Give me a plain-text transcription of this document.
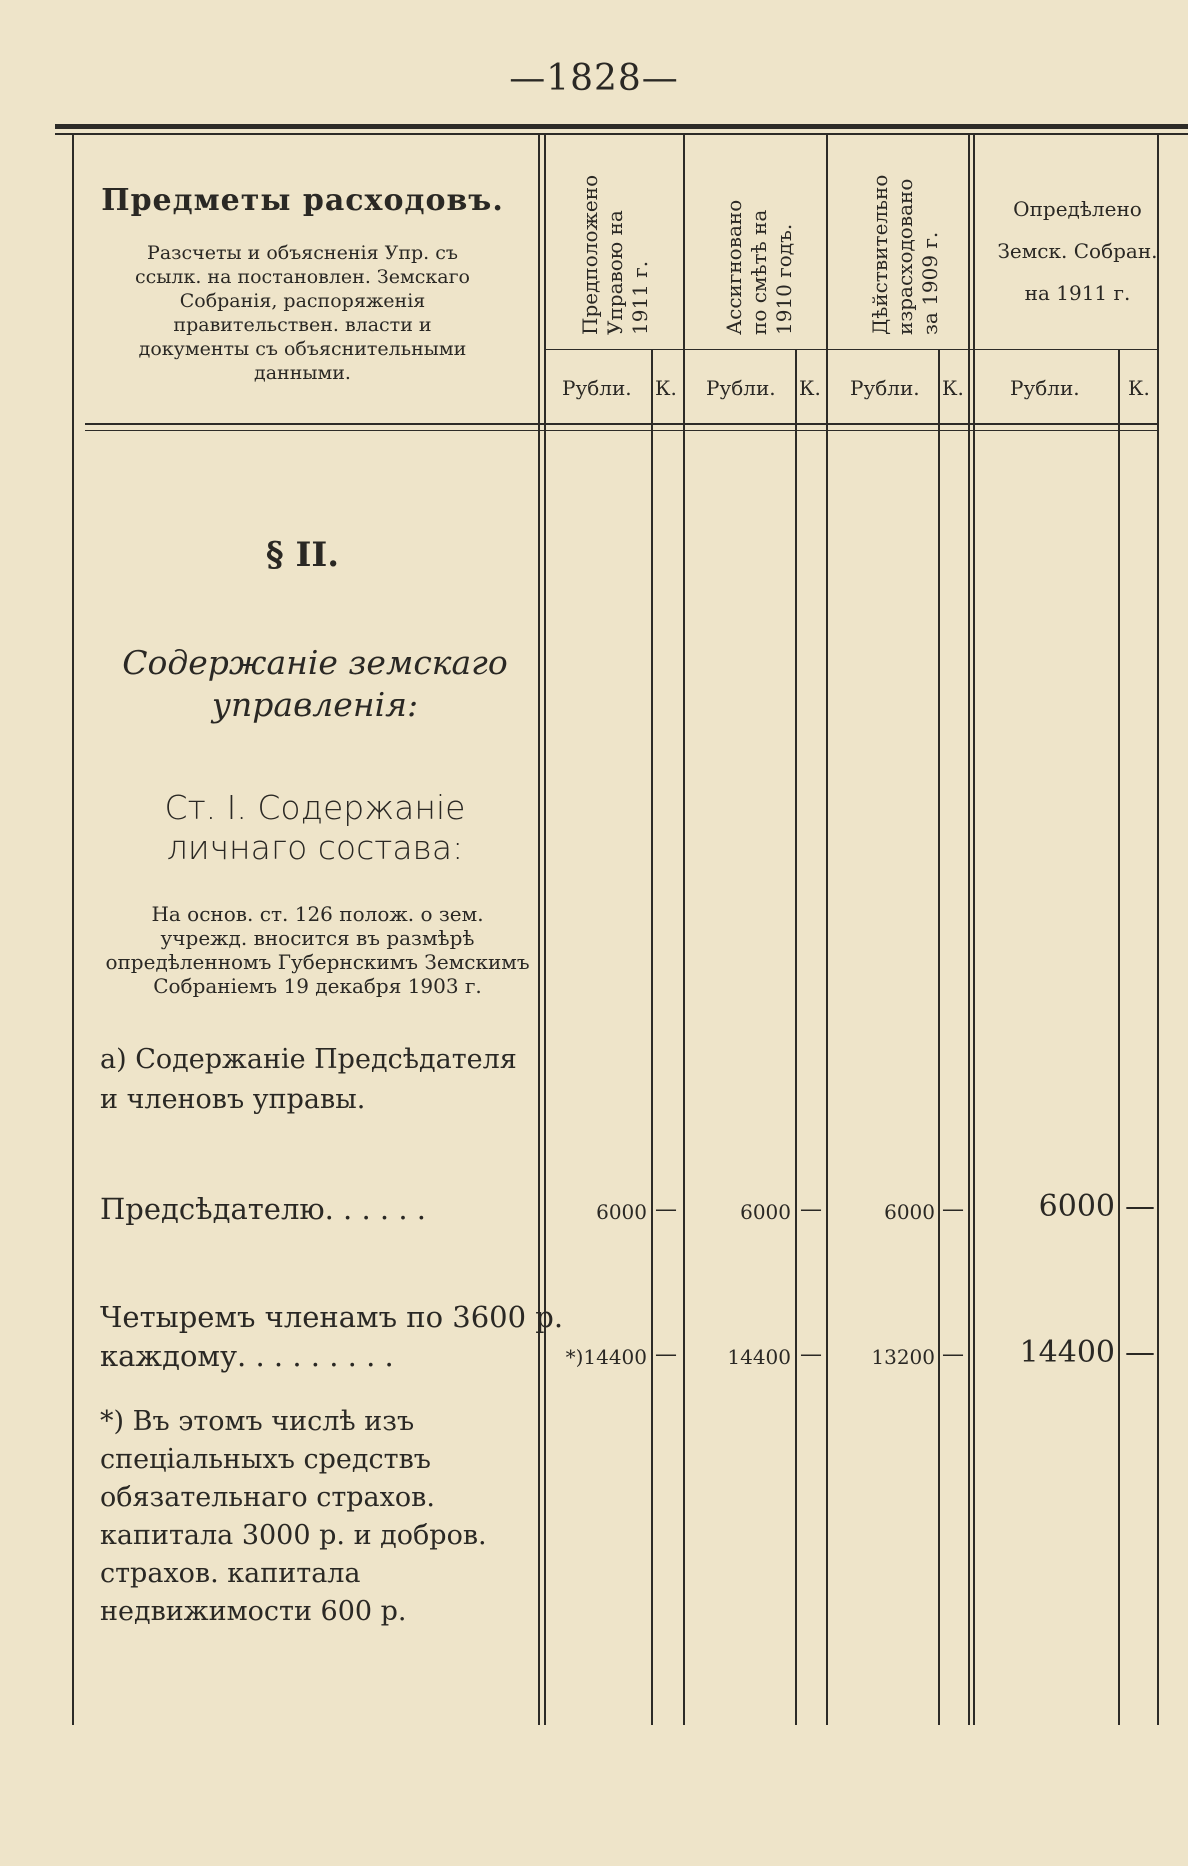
—1828—
Предметы расходовъ.
Разсчеты и объясненія Упр. съ ссылк. на постановлен. Земскаго Собранія, распоряженія правительствен. власти и документы съ объяснительными данными.
Предположено Управою на 1911 г.	Ассигновано по смѣтѣ на 1910 годъ.	Дѣйствительно израсходовано за 1909 г.
Опредѣлено
Земск. Собран.
на 1911 г.
Рубли. К. Рубли. К. Рубли. К. Рубли. К.
§ II.
Содержаніе земскаго управленія:
Ст. I. Содержаніе личнаго состава:
На основ. ст. 126 полож. о зем. учрежд. вносится въ размѣрѣ опредѣленномъ Губернскимъ Земскимъ Собраніемъ 19 декабря 1903 г.
а) Содержаніе Предсѣдателя и членовъ управы.
Предсѣдателю. . . . . .	6000 —	6000 —	6000 — 6000 —
Четыремъ членамъ по 3600 р.
каждому. . . . . . . . .	*)14400 —	14400 — 13200 — 14400 —
*) Въ этомъ числѣ изъ спеціальныхъ средствъ обязательнаго страхов. капитала 3000 р. и добров. страхов. капитала недвижимости 600 р.
